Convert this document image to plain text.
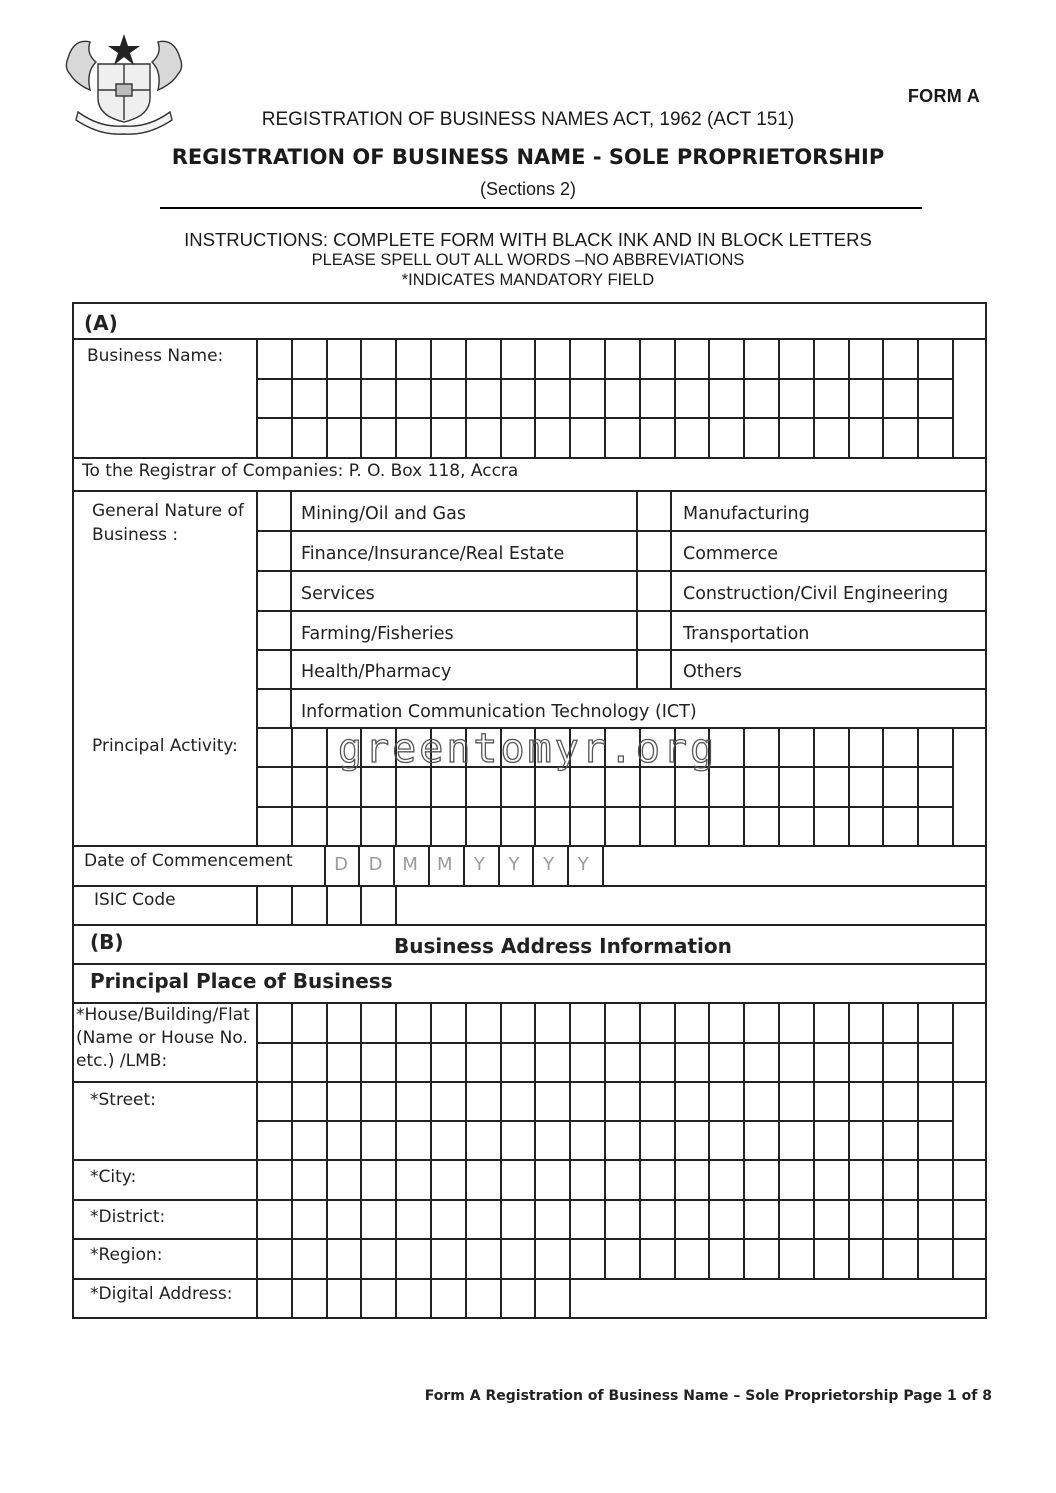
FORM A
REGISTRATION OF BUSINESS NAMES ACT, 1962 (ACT 151)
REGISTRATION OF BUSINESS NAME - SOLE PROPRIETORSHIP
(Sections 2)
INSTRUCTIONS: COMPLETE FORM WITH BLACK INK AND IN BLOCK LETTERS
PLEASE SPELL OUT ALL WORDS –NO ABBREVIATIONS
*INDICATES MANDATORY FIELD
(A)
Business Name:
To the Registrar of Companies: P. O. Box 118, Accra
General Nature of
Business :
Mining/Oil and Gas	Manufacturing
Finance/Insurance/Real Estate	Commerce
Services	Construction/Civil Engineering
Farming/Fisheries	Transportation
Health/Pharmacy	Others
Information Communication Technology (ICT)
Principal Activity:
Date of Commencement
ISIC Code
(B)	Business Address Information
Principal Place of Business
*House/Building/Flat
(Name or House No.
etc.) /LMB:
*Street:
*City:
*District:
*Region:
*Digital Address:
D	D	M	M	Y	Y	Y	Y
greentomyr.org
Form A Registration of Business Name – Sole Proprietorship Page 1 of 8
